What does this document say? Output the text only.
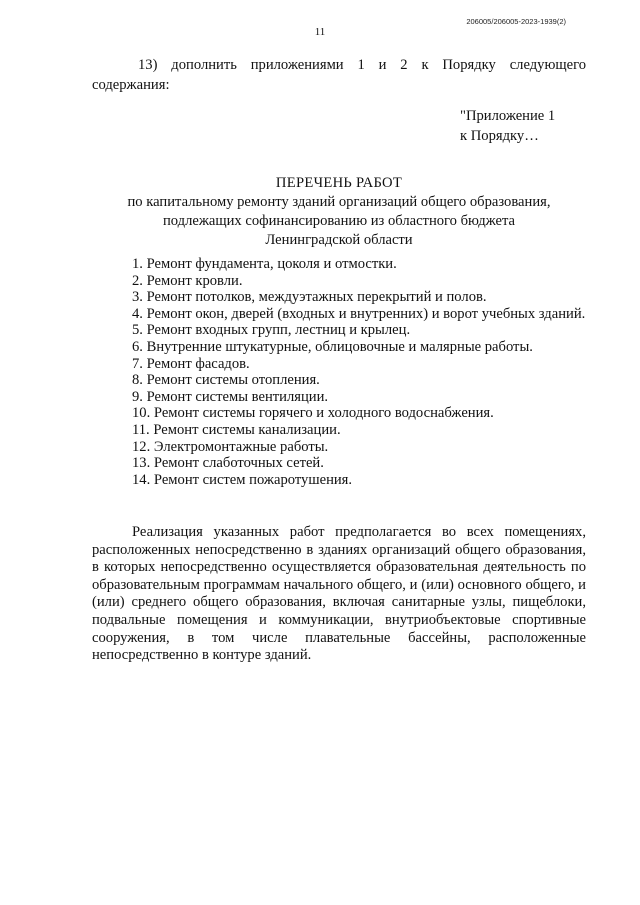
206005/206005-2023-1939(2)
11
13) дополнить приложениями 1 и 2 к Порядку следующего
содержания:
"Приложение 1
к Порядку…
ПЕРЕЧЕНЬ РАБОТ
по капитальному ремонту зданий организаций общего образования,
подлежащих софинансированию из областного бюджета
Ленинградской области
1. Ремонт фундамента, цоколя и отмостки.
2. Ремонт кровли.
3. Ремонт потолков, междуэтажных перекрытий и полов.
4. Ремонт окон, дверей (входных и внутренних) и ворот учебных зданий.
5. Ремонт входных групп, лестниц и крылец.
6. Внутренние штукатурные, облицовочные и малярные работы.
7. Ремонт фасадов.
8. Ремонт системы отопления.
9. Ремонт системы вентиляции.
10. Ремонт системы горячего и холодного водоснабжения.
11. Ремонт системы канализации.
12. Электромонтажные работы.
13. Ремонт слаботочных сетей.
14. Ремонт систем пожаротушения.

Реализация указанных работ предполагается во всех помещениях, расположенных непосредственно в зданиях организаций общего образования, в которых непосредственно осуществляется образовательная деятельность по образовательным программам начального общего, и (или) основного общего, и (или) среднего общего образования, включая санитарные узлы, пищеблоки, подвальные помещения и коммуникации, внутриобъектовые спортивные сооружения, в том числе плавательные бассейны, расположенные непосредственно в контуре зданий.
